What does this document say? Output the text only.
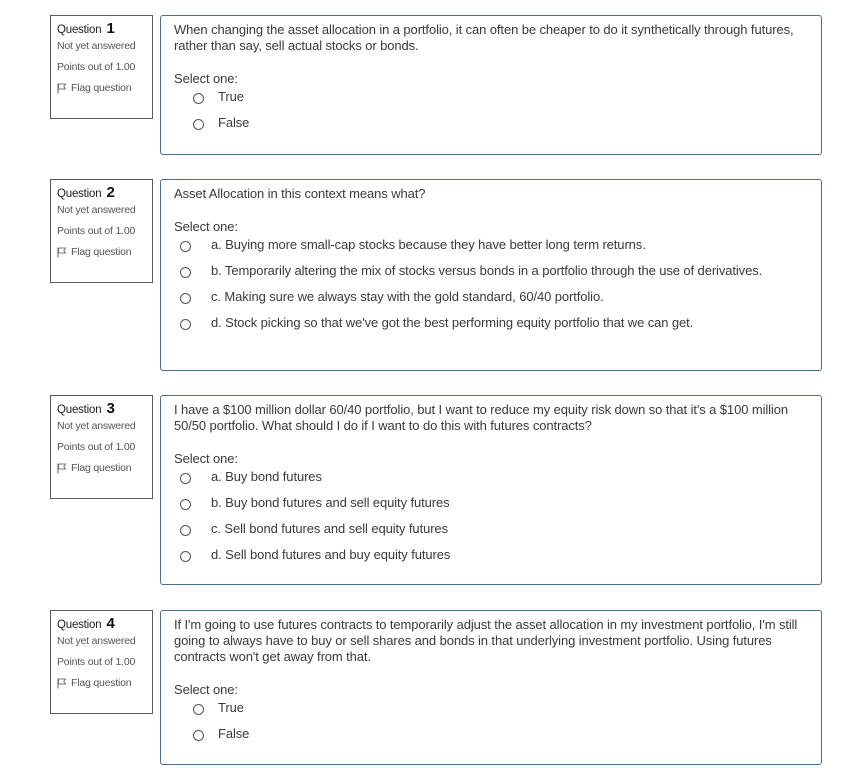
Question 1
Not yet answered
Points out of 1.00
Flag question

When changing the asset allocation in a portfolio, it can often be cheaper to do it synthetically through futures, rather than say, sell actual stocks or bonds.

Select one:
True
False
Question 2
Not yet answered
Points out of 1.00
Flag question

Asset Allocation in this context means what?

Select one:
a. Buying more small-cap stocks because they have better long term returns.
b. Temporarily altering the mix of stocks versus bonds in a portfolio through the use of derivatives.
c. Making sure we always stay with the gold standard, 60/40 portfolio.
d. Stock picking so that we've got the best performing equity portfolio that we can get.
Question 3
Not yet answered
Points out of 1.00
Flag question

I have a $100 million dollar 60/40 portfolio, but I want to reduce my equity risk down so that it's a $100 million 50/50 portfolio. What should I do if I want to do this with futures contracts?

Select one:
a. Buy bond futures
b. Buy bond futures and sell equity futures
c. Sell bond futures and sell equity futures
d. Sell bond futures and buy equity futures
Question 4
Not yet answered
Points out of 1.00
Flag question

If I'm going to use futures contracts to temporarily adjust the asset allocation in my investment portfolio, I'm still going to always have to buy or sell shares and bonds in that underlying investment portfolio. Using futures contracts won't get away from that.

Select one:
True
False
